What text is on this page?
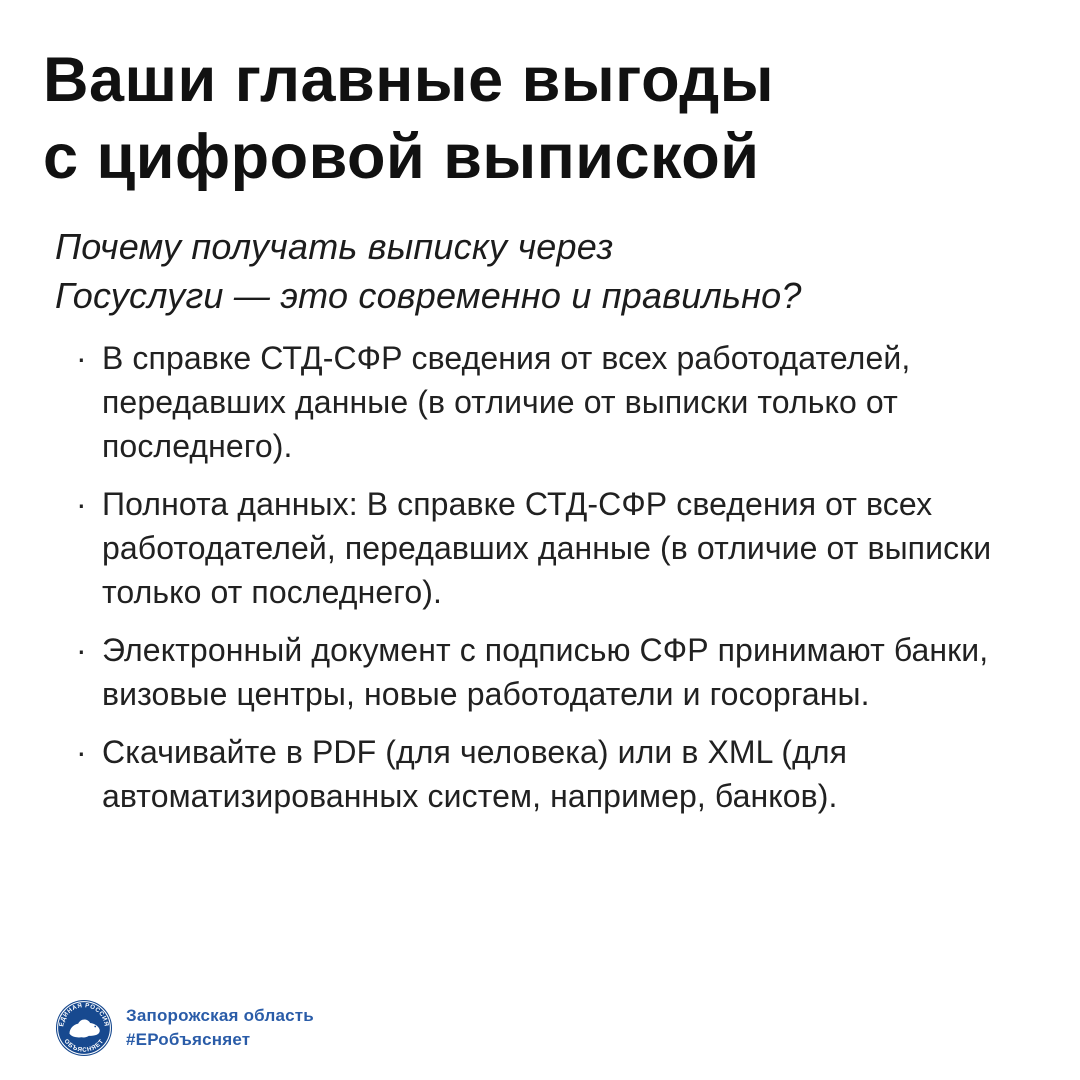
Ваши главные выгоды
с цифровой выпиской
Почему получать выписку через
Госуслуги — это современно и правильно?
· В справке СТД-СФР сведения от всех работодателей, передавших данные (в отличие от выписки только от последнего).
· Полнота данных: В справке СТД-СФР сведения от всех работодателей, передавших данные (в отличие от выписки только от последнего).
· Электронный документ с подписью СФР принимают банки, визовые центры, новые работодатели и госорганы.
· Скачивайте в PDF (для человека) или в XML (для автоматизированных систем, например, банков).
ЕДИНАЯ РОССИЯ
ОБЪЯСНЯЕТ
Запорожская область
#ЕРобъясняет
